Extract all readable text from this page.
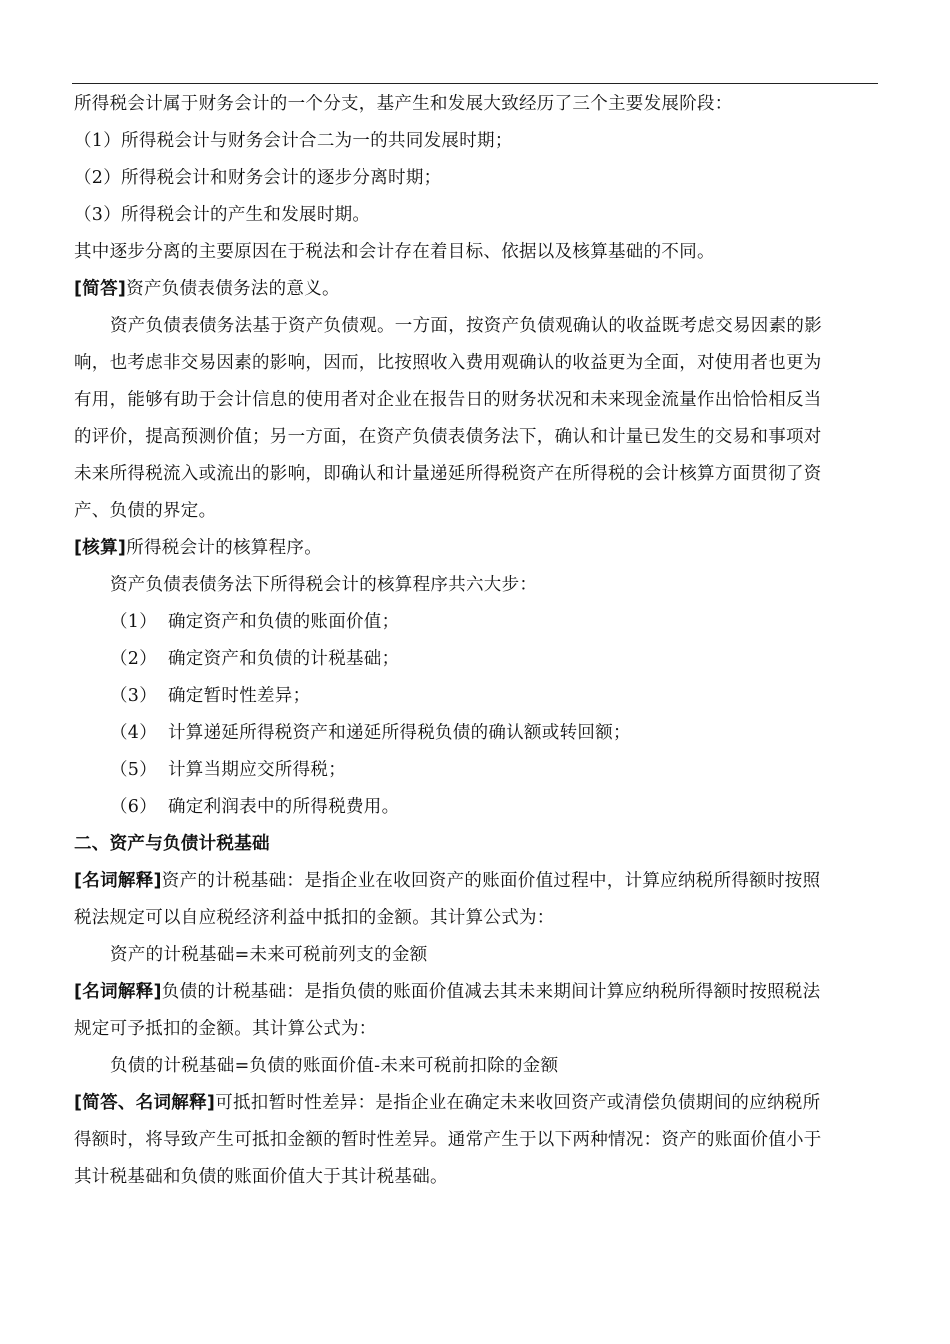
所得税会计属于财务会计的一个分支，基产生和发展大致经历了三个主要发展阶段：
（1）所得税会计与财务会计合二为一的共同发展时期；
（2）所得税会计和财务会计的逐步分离时期；
（3）所得税会计的产生和发展时期。
其中逐步分离的主要原因在于税法和会计存在着目标、依据以及核算基础的不同。
[简答]资产负债表债务法的意义。
资产负债表债务法基于资产负债观。一方面，按资产负债观确认的收益既考虑交易因素的影
响，也考虑非交易因素的影响，因而，比按照收入费用观确认的收益更为全面，对使用者也更为
有用，能够有助于会计信息的使用者对企业在报告日的财务状况和未来现金流量作出恰恰相反当
的评价，提高预测价值；另一方面，在资产负债表债务法下，确认和计量已发生的交易和事项对
未来所得税流入或流出的影响，即确认和计量递延所得税资产在所得税的会计核算方面贯彻了资
产、负债的界定。
[核算]所得税会计的核算程序。
资产负债表债务法下所得税会计的核算程序共六大步：
（1） 确定资产和负债的账面价值；
（2） 确定资产和负债的计税基础；
（3） 确定暂时性差异；
（4） 计算递延所得税资产和递延所得税负债的确认额或转回额；
（5） 计算当期应交所得税；
（6） 确定利润表中的所得税费用。
二、资产与负债计税基础
[名词解释]资产的计税基础：是指企业在收回资产的账面价值过程中，计算应纳税所得额时按照
税法规定可以自应税经济利益中抵扣的金额。其计算公式为：
资产的计税基础=未来可税前列支的金额
[名词解释]负债的计税基础：是指负债的账面价值减去其未来期间计算应纳税所得额时按照税法
规定可予抵扣的金额。其计算公式为：
负债的计税基础=负债的账面价值-未来可税前扣除的金额
[简答、名词解释]可抵扣暂时性差异：是指企业在确定未来收回资产或清偿负债期间的应纳税所
得额时，将导致产生可抵扣金额的暂时性差异。通常产生于以下两种情况：资产的账面价值小于
其计税基础和负债的账面价值大于其计税基础。
